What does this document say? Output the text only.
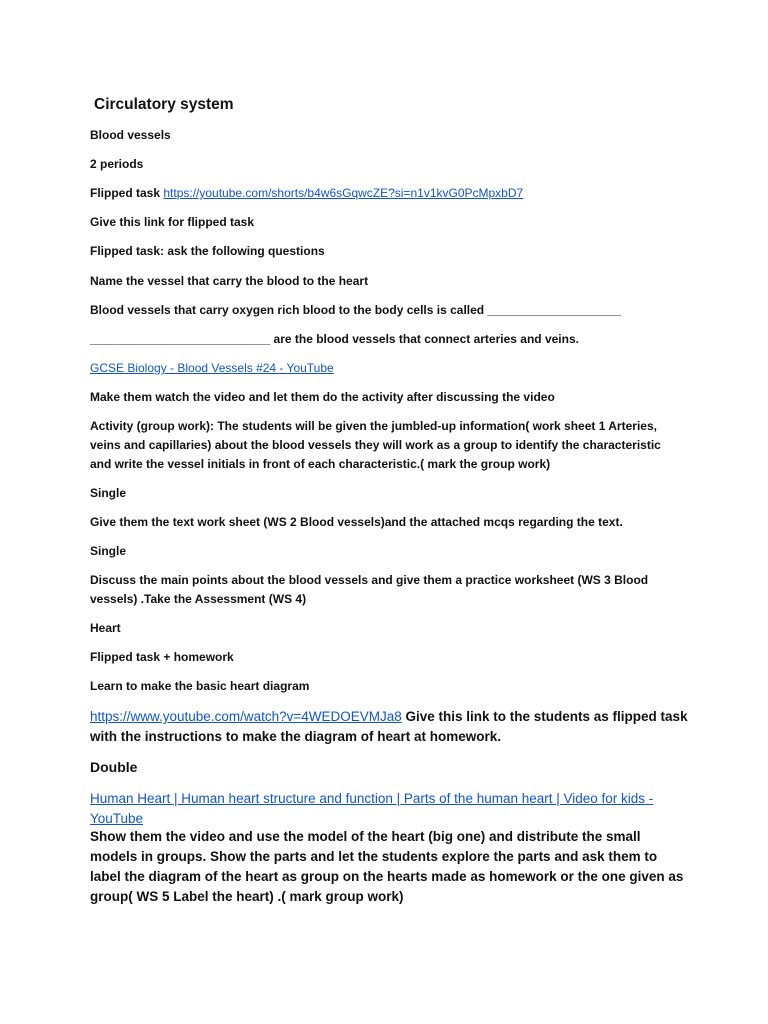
Circulatory system
Blood vessels
2 periods
Flipped task https://youtube.com/shorts/b4w6sGqwcZE?si=n1v1kvG0PcMpxbD7
Give this link for flipped task
Flipped task: ask the following questions
Name the vessel that carry the blood to the heart
Blood vessels that carry oxygen rich blood to the body cells is called ____________________
___________________________ are the blood vessels that connect arteries and veins.
GCSE Biology - Blood Vessels #24 - YouTube
Make them watch the video and let them do the activity after discussing the video
Activity (group work): The students will be given the jumbled-up information( work sheet 1 Arteries, veins and capillaries) about the blood vessels they will work as a group to identify the characteristic and write the vessel initials in front of each characteristic.( mark the group work)
Single
Give them the text work sheet (WS 2 Blood vessels)and the attached mcqs regarding the text.
Single
Discuss the main points about the blood vessels and give them a practice worksheet (WS 3 Blood vessels) .Take the Assessment (WS 4)
Heart
Flipped task + homework
Learn to make the basic heart diagram
https://www.youtube.com/watch?v=4WEDOEVMJa8 Give this link to the students as flipped task with the instructions to make the diagram of heart at homework.
Double
Human Heart | Human heart structure and function | Parts of the human heart | Video for kids - YouTube
Show them the video and use the model of the heart (big one) and distribute the small models in groups. Show the parts and let the students explore the parts and ask them to label the diagram of the heart as group on the hearts made as homework or the one given as group( WS 5 Label the heart) .( mark group work)
